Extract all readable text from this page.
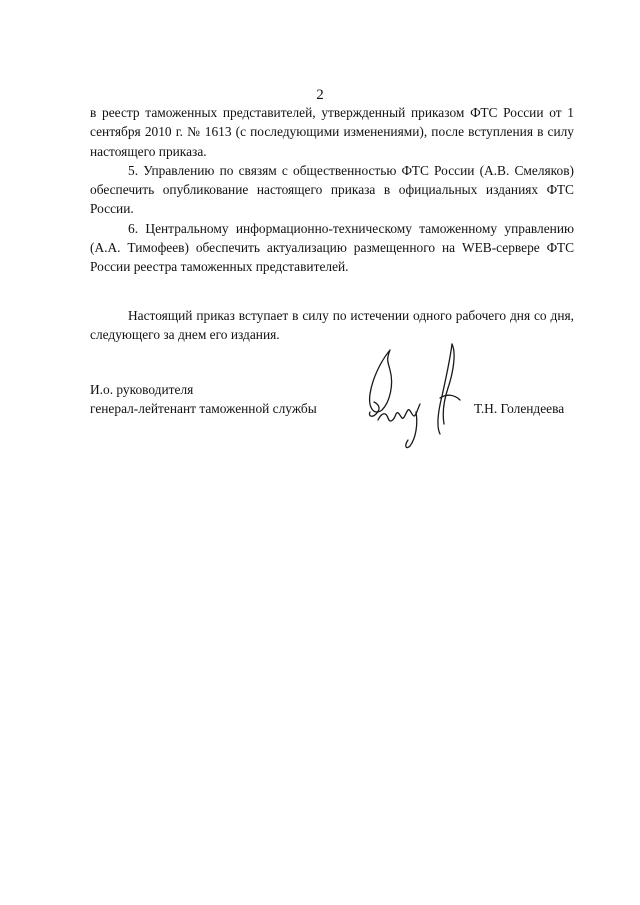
2

в реестр таможенных представителей, утвержденный приказом ФТС России от 1 сентября 2010 г. № 1613 (с последующими изменениями), после вступления в силу настоящего приказа.

5. Управлению по связям с общественностью ФТС России (А.В. Смеляков) обеспечить опубликование настоящего приказа в официальных изданиях ФТС России.

6. Центральному информационно-техническому таможенному управлению (А.А. Тимофеев) обеспечить актуализацию размещенного на WEB-сервере ФТС России реестра таможенных представителей.

Настоящий приказ вступает в силу по истечении одного рабочего дня со дня, следующего за днем его издания.

И.о. руководителя
генерал-лейтенант таможенной службы	Т.Н. Голендеева
